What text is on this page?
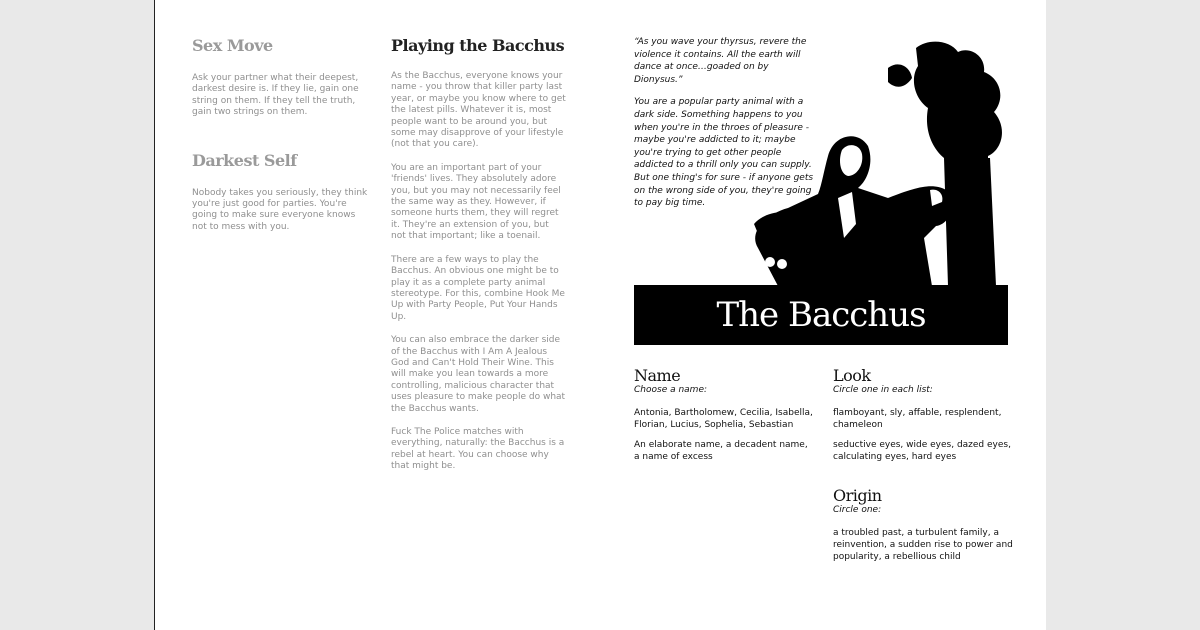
Sex Move

Ask your partner what their deepest, darkest desire is. If they lie, gain one string on them. If they tell the truth, gain two strings on them.

Darkest Self

Nobody takes you seriously, they think you're just good for parties. You're going to make sure everyone knows not to mess with you.

Playing the Bacchus

As the Bacchus, everyone knows your name - you throw that killer party last year, or maybe you know where to get the latest pills. Whatever it is, most people want to be around you, but some may disapprove of your lifestyle (not that you care).

You are an important part of your 'friends' lives. They absolutely adore you, but you may not necessarily feel the same way as they. However, if someone hurts them, they will regret it. They're an extension of you, but not that important; like a toenail.

There are a few ways to play the Bacchus. An obvious one might be to play it as a complete party animal stereotype. For this, combine Hook Me Up with Party People, Put Your Hands Up.

You can also embrace the darker side of the Bacchus with I Am A Jealous God and Can't Hold Their Wine. This will make you lean towards a more controlling, malicious character that uses pleasure to make people do what the Bacchus wants.

Fuck The Police matches with everything, naturally: the Bacchus is a rebel at heart. You can choose why that might be.

“As you wave your thyrsus, revere the violence it contains. All the earth will dance at once…goaded on by Dionysus.”

You are a popular party animal with a dark side. Something happens to you when you're in the throes of pleasure - maybe you're addicted to it; maybe you're trying to get other people addicted to a thrill only you can supply. But one thing's for sure - if anyone gets on the wrong side of you, they're going to pay big time.

The Bacchus
Name

Choose a name:

Antonia, Bartholomew, Cecilia, Isabella, Florian, Lucius, Sophelia, Sebastian

An elaborate name, a decadent name, a name of excess

Look

Circle one in each list:

flamboyant, sly, affable, resplendent, chameleon

seductive eyes, wide eyes, dazed eyes, calculating eyes, hard eyes

Origin

Circle one:

a troubled past, a turbulent family, a reinvention, a sudden rise to power and popularity, a rebellious child
